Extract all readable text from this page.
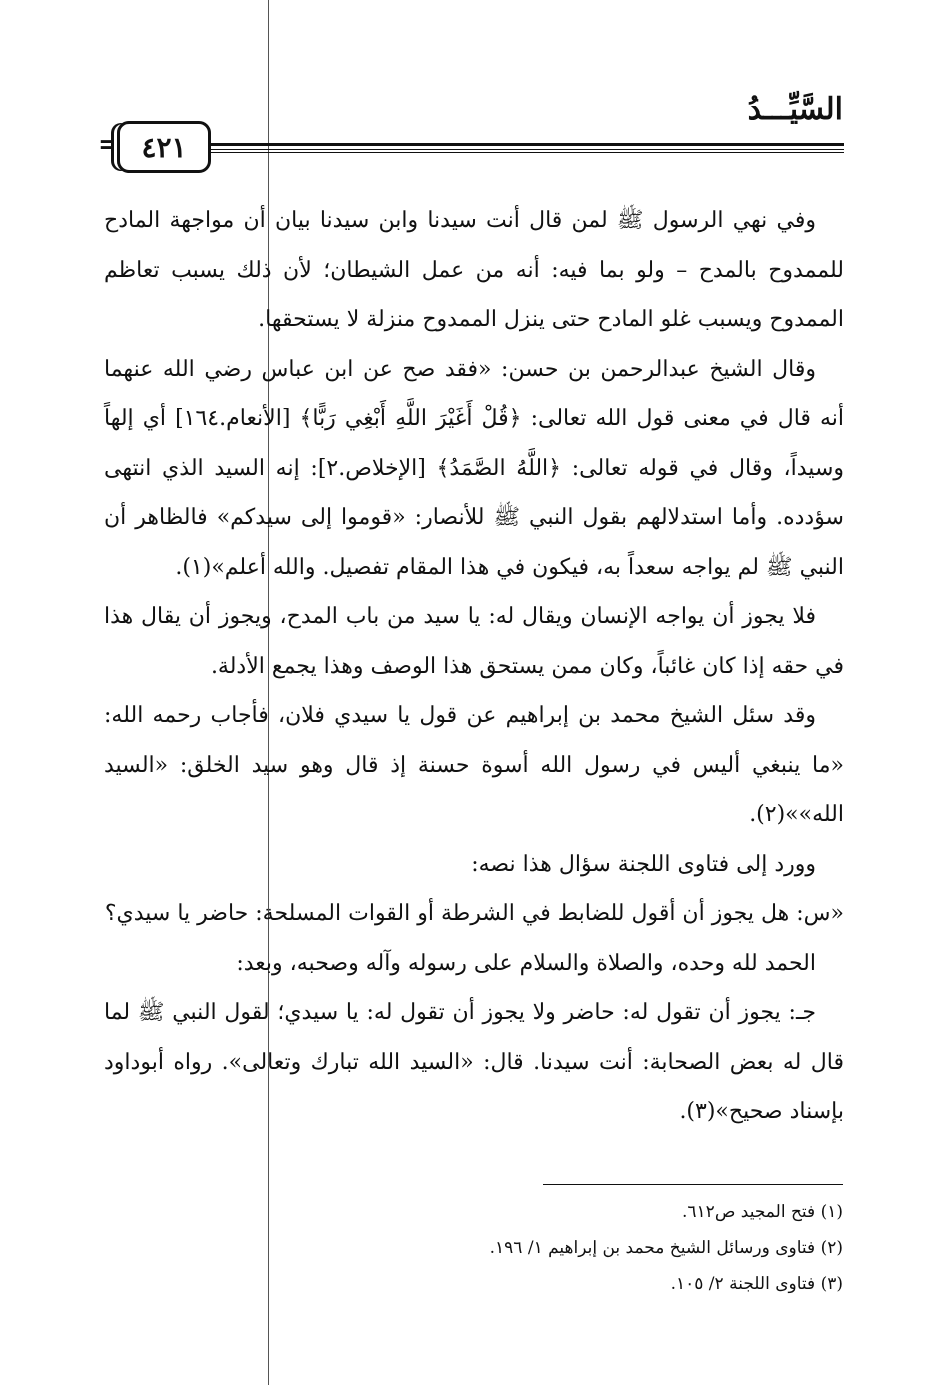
السَّيِّـــدُ
= ٤٢١

وفي نهي الرسول ﷺ لمن قال أنت سيدنا وابن سيدنا بيان أن مواجهة المادح للممدوح بالمدح – ولو بما فيه: أنه من عمل الشيطان؛ لأن ذلك يسبب تعاظم الممدوح ويسبب غلو المادح حتى ينزل الممدوح منزلة لا يستحقها.

وقال الشيخ عبدالرحمن بن حسن: «فقد صح عن ابن عباس رضي الله عنهما أنه قال في معنى قول الله تعالى: ﴿قُلْ أَغَيْرَ اللَّهِ أَبْغِي رَبًّا﴾ [الأنعام.١٦٤] أي إلهاً وسيداً، وقال في قوله تعالى: ﴿اللَّهُ الصَّمَدُ﴾ [الإخلاص.٢]: إنه السيد الذي انتهى سؤدده. وأما استدلالهم بقول النبي ﷺ للأنصار: «قوموا إلى سيدكم» فالظاهر أن النبي ﷺ لم يواجه سعداً به، فيكون في هذا المقام تفصيل. والله أعلم»(١).

فلا يجوز أن يواجه الإنسان ويقال له: يا سيد من باب المدح، ويجوز أن يقال هذا في حقه إذا كان غائباً، وكان ممن يستحق هذا الوصف وهذا يجمع الأدلة.

وقد سئل الشيخ محمد بن إبراهيم عن قول يا سيدي فلان، فأجاب رحمه الله: «ما ينبغي أليس في رسول الله أسوة حسنة إذ قال وهو سيد الخلق: «السيد الله»»(٢).

وورد إلى فتاوى اللجنة سؤال هذا نصه:

«س: هل يجوز أن أقول للضابط في الشرطة أو القوات المسلحة: حاضر يا سيدي؟

الحمد لله وحده، والصلاة والسلام على رسوله وآله وصحبه، وبعد:

جـ: يجوز أن تقول له: حاضر ولا يجوز أن تقول له: يا سيدي؛ لقول النبي ﷺ لما قال له بعض الصحابة: أنت سيدنا. قال: «السيد الله تبارك وتعالى». رواه أبوداود بإسناد صحيح»(٣).

(١) فتح المجيد ص٦١٢.
(٢) فتاوى ورسائل الشيخ محمد بن إبراهيم ١/ ١٩٦.
(٣) فتاوى اللجنة ٢/ ١٠٥.
